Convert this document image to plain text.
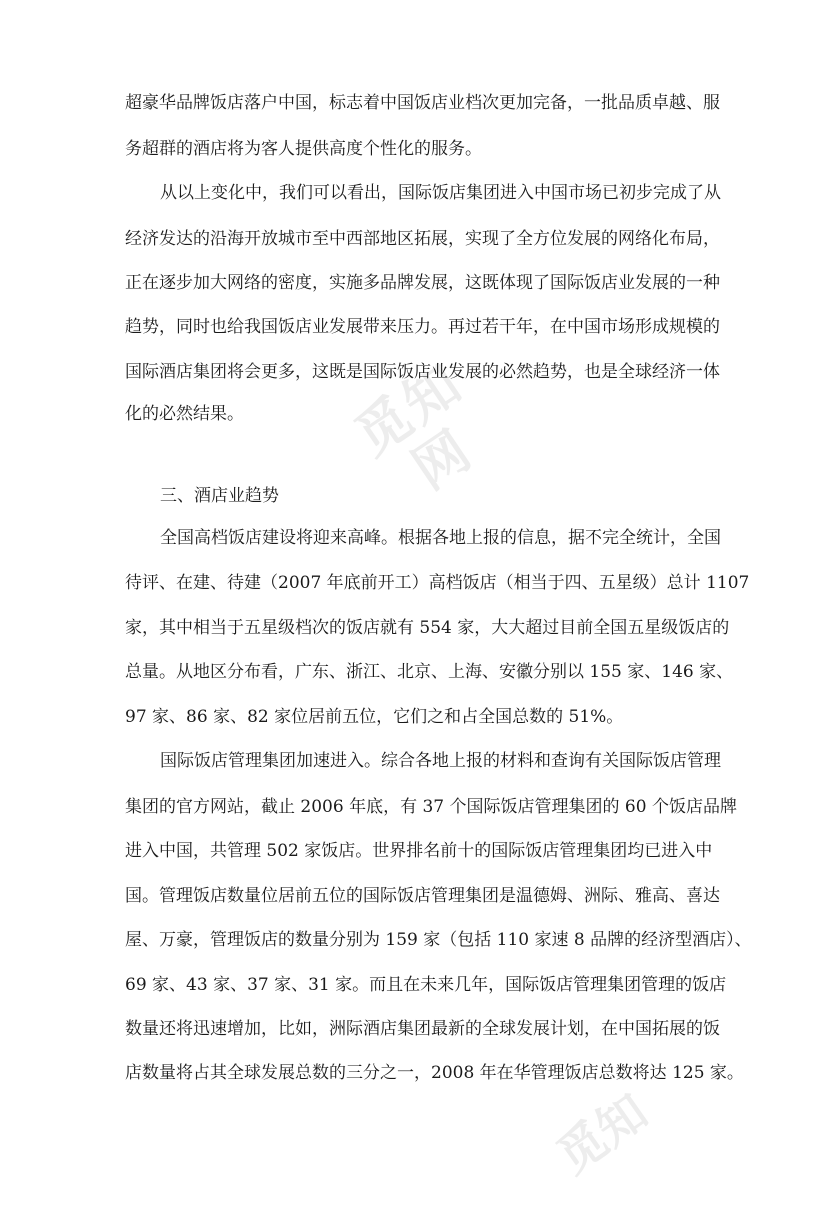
觅知网
觅知
超豪华品牌饭店落户中国，标志着中国饭店业档次更加完备，一批品质卓越、服
务超群的酒店将为客人提供高度个性化的服务。
从以上变化中，我们可以看出，国际饭店集团进入中国市场已初步完成了从
经济发达的沿海开放城市至中西部地区拓展，实现了全方位发展的网络化布局，
正在逐步加大网络的密度，实施多品牌发展，这既体现了国际饭店业发展的一种
趋势，同时也给我国饭店业发展带来压力。再过若干年，在中国市场形成规模的
国际酒店集团将会更多，这既是国际饭店业发展的必然趋势，也是全球经济一体
化的必然结果。
三、酒店业趋势
全国高档饭店建设将迎来高峰。根据各地上报的信息，据不完全统计，全国
待评、在建、待建（2007 年底前开工）高档饭店（相当于四、五星级）总计 1107
家，其中相当于五星级档次的饭店就有 554 家，大大超过目前全国五星级饭店的
总量。从地区分布看，广东、浙江、北京、上海、安徽分别以 155 家、146 家、
97 家、86 家、82 家位居前五位，它们之和占全国总数的 51%。
国际饭店管理集团加速进入。综合各地上报的材料和查询有关国际饭店管理
集团的官方网站，截止 2006 年底，有 37 个国际饭店管理集团的 60 个饭店品牌
进入中国，共管理 502 家饭店。世界排名前十的国际饭店管理集团均已进入中
国。管理饭店数量位居前五位的国际饭店管理集团是温德姆、洲际、雅高、喜达
屋、万豪，管理饭店的数量分别为 159 家（包括 110 家速 8 品牌的经济型酒店）、
69 家、43 家、37 家、31 家。而且在未来几年，国际饭店管理集团管理的饭店
数量还将迅速增加，比如，洲际酒店集团最新的全球发展计划，在中国拓展的饭
店数量将占其全球发展总数的三分之一，2008 年在华管理饭店总数将达 125 家。
